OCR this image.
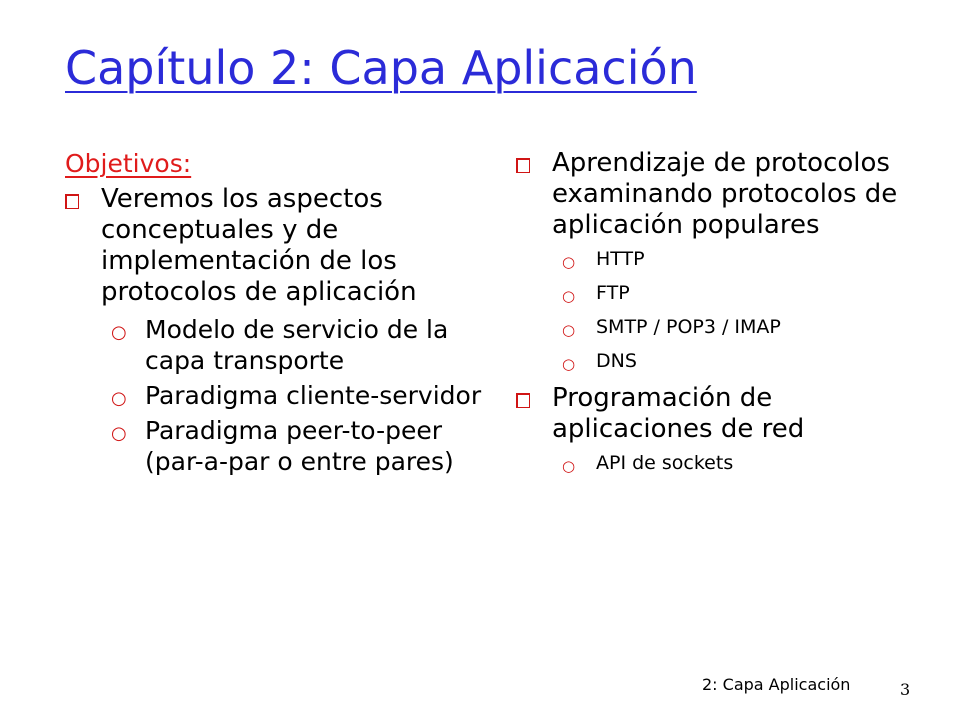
Capítulo 2: Capa Aplicación
Objetivos:
Veremos los aspectos conceptuales y de implementación de los protocolos de aplicación
○ Modelo de servicio de la capa transporte
○ Paradigma cliente-servidor
○ Paradigma peer-to-peer (par-a-par o entre pares)
Aprendizaje de protocolos examinando protocolos de aplicación populares
○ HTTP
○ FTP
○ SMTP / POP3 / IMAP
○ DNS
Programación de aplicaciones de red
○ API de sockets
2: Capa Aplicación	3
